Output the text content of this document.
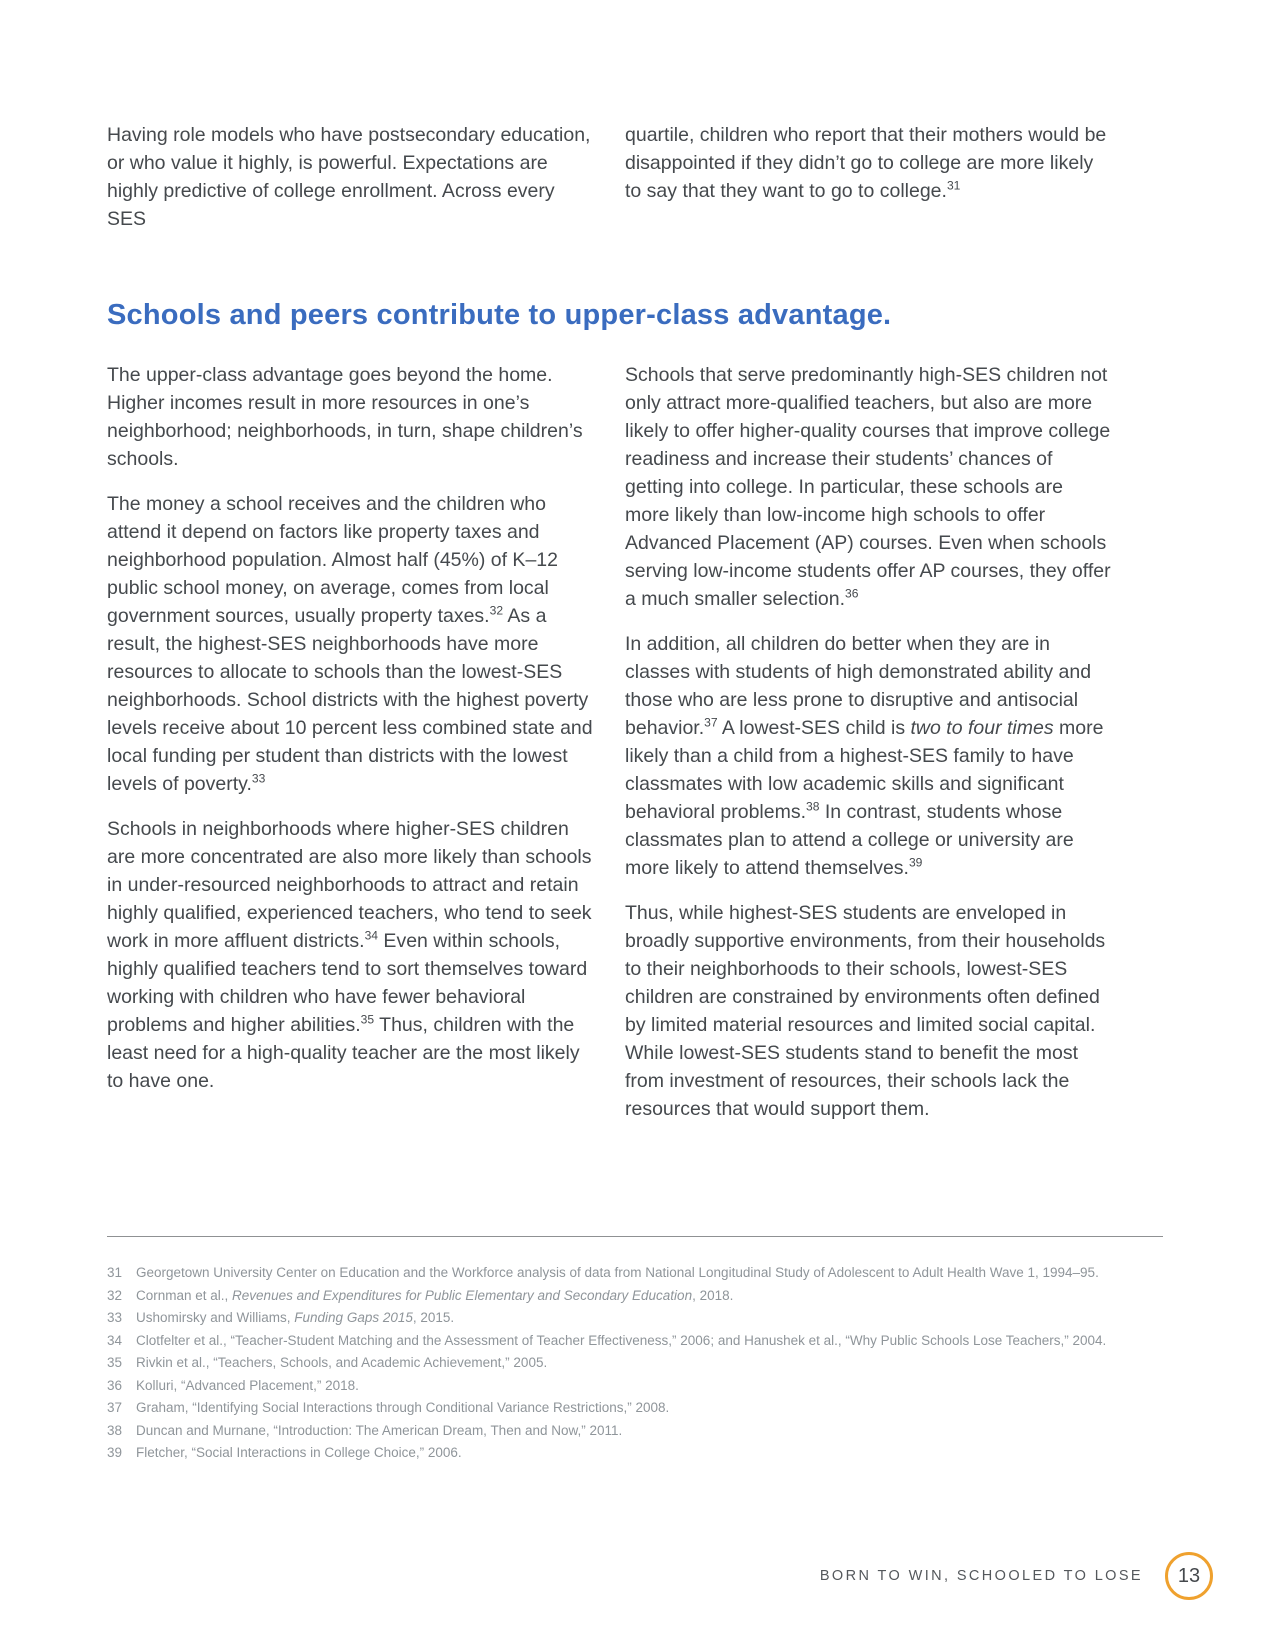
Having role models who have postsecondary education, or who value it highly, is powerful. Expectations are highly predictive of college enrollment. Across every SES

quartile, children who report that their mothers would be disappointed if they didn’t go to college are more likely to say that they want to go to college.$^{31}$

Schools and peers contribute to upper-class advantage.

The upper-class advantage goes beyond the home. Higher incomes result in more resources in one’s neighborhood; neighborhoods, in turn, shape children’s schools.

The money a school receives and the children who attend it depend on factors like property taxes and neighborhood population. Almost half (45%) of K–12 public school money, on average, comes from local government sources, usually property taxes.$^{32}$ As a result, the highest-SES neighborhoods have more resources to allocate to schools than the lowest-SES neighborhoods. School districts with the highest poverty levels receive about 10 percent less combined state and local funding per student than districts with the lowest levels of poverty.$^{33}$

Schools in neighborhoods where higher-SES children are more concentrated are also more likely than schools in under-resourced neighborhoods to attract and retain highly qualified, experienced teachers, who tend to seek work in more affluent districts.$^{34}$ Even within schools, highly qualified teachers tend to sort themselves toward working with children who have fewer behavioral problems and higher abilities.$^{35}$ Thus, children with the least need for a high-quality teacher are the most likely to have one.

Schools that serve predominantly high-SES children not only attract more-qualified teachers, but also are more likely to offer higher-quality courses that improve college readiness and increase their students’ chances of getting into college. In particular, these schools are more likely than low-income high schools to offer Advanced Placement (AP) courses. Even when schools serving low-income students offer AP courses, they offer a much smaller selection.$^{36}$

In addition, all children do better when they are in classes with students of high demonstrated ability and those who are less prone to disruptive and antisocial behavior.$^{37}$ A lowest-SES child is two to four times more likely than a child from a highest-SES family to have classmates with low academic skills and significant behavioral problems.$^{38}$ In contrast, students whose classmates plan to attend a college or university are more likely to attend themselves.$^{39}$

Thus, while highest-SES students are enveloped in broadly supportive environments, from their households to their neighborhoods to their schools, lowest-SES children are constrained by environments often defined by limited material resources and limited social capital. While lowest-SES students stand to benefit the most from investment of resources, their schools lack the resources that would support them.

31	Georgetown University Center on Education and the Workforce analysis of data from National Longitudinal Study of Adolescent to Adult Health Wave 1, 1994–95.
32	Cornman et al., Revenues and Expenditures for Public Elementary and Secondary Education, 2018.
33	Ushomirsky and Williams, Funding Gaps 2015, 2015.
34	Clotfelter et al., “Teacher-Student Matching and the Assessment of Teacher Effectiveness,” 2006; and Hanushek et al., “Why Public Schools Lose Teachers,” 2004.
35	Rivkin et al., “Teachers, Schools, and Academic Achievement,” 2005.
36	Kolluri, “Advanced Placement,” 2018.
37	Graham, “Identifying Social Interactions through Conditional Variance Restrictions,” 2008.
38	Duncan and Murnane, “Introduction: The American Dream, Then and Now,” 2011.
39	Fletcher, “Social Interactions in College Choice,” 2006.
BORN TO WIN, SCHOOLED TO LOSE 13
